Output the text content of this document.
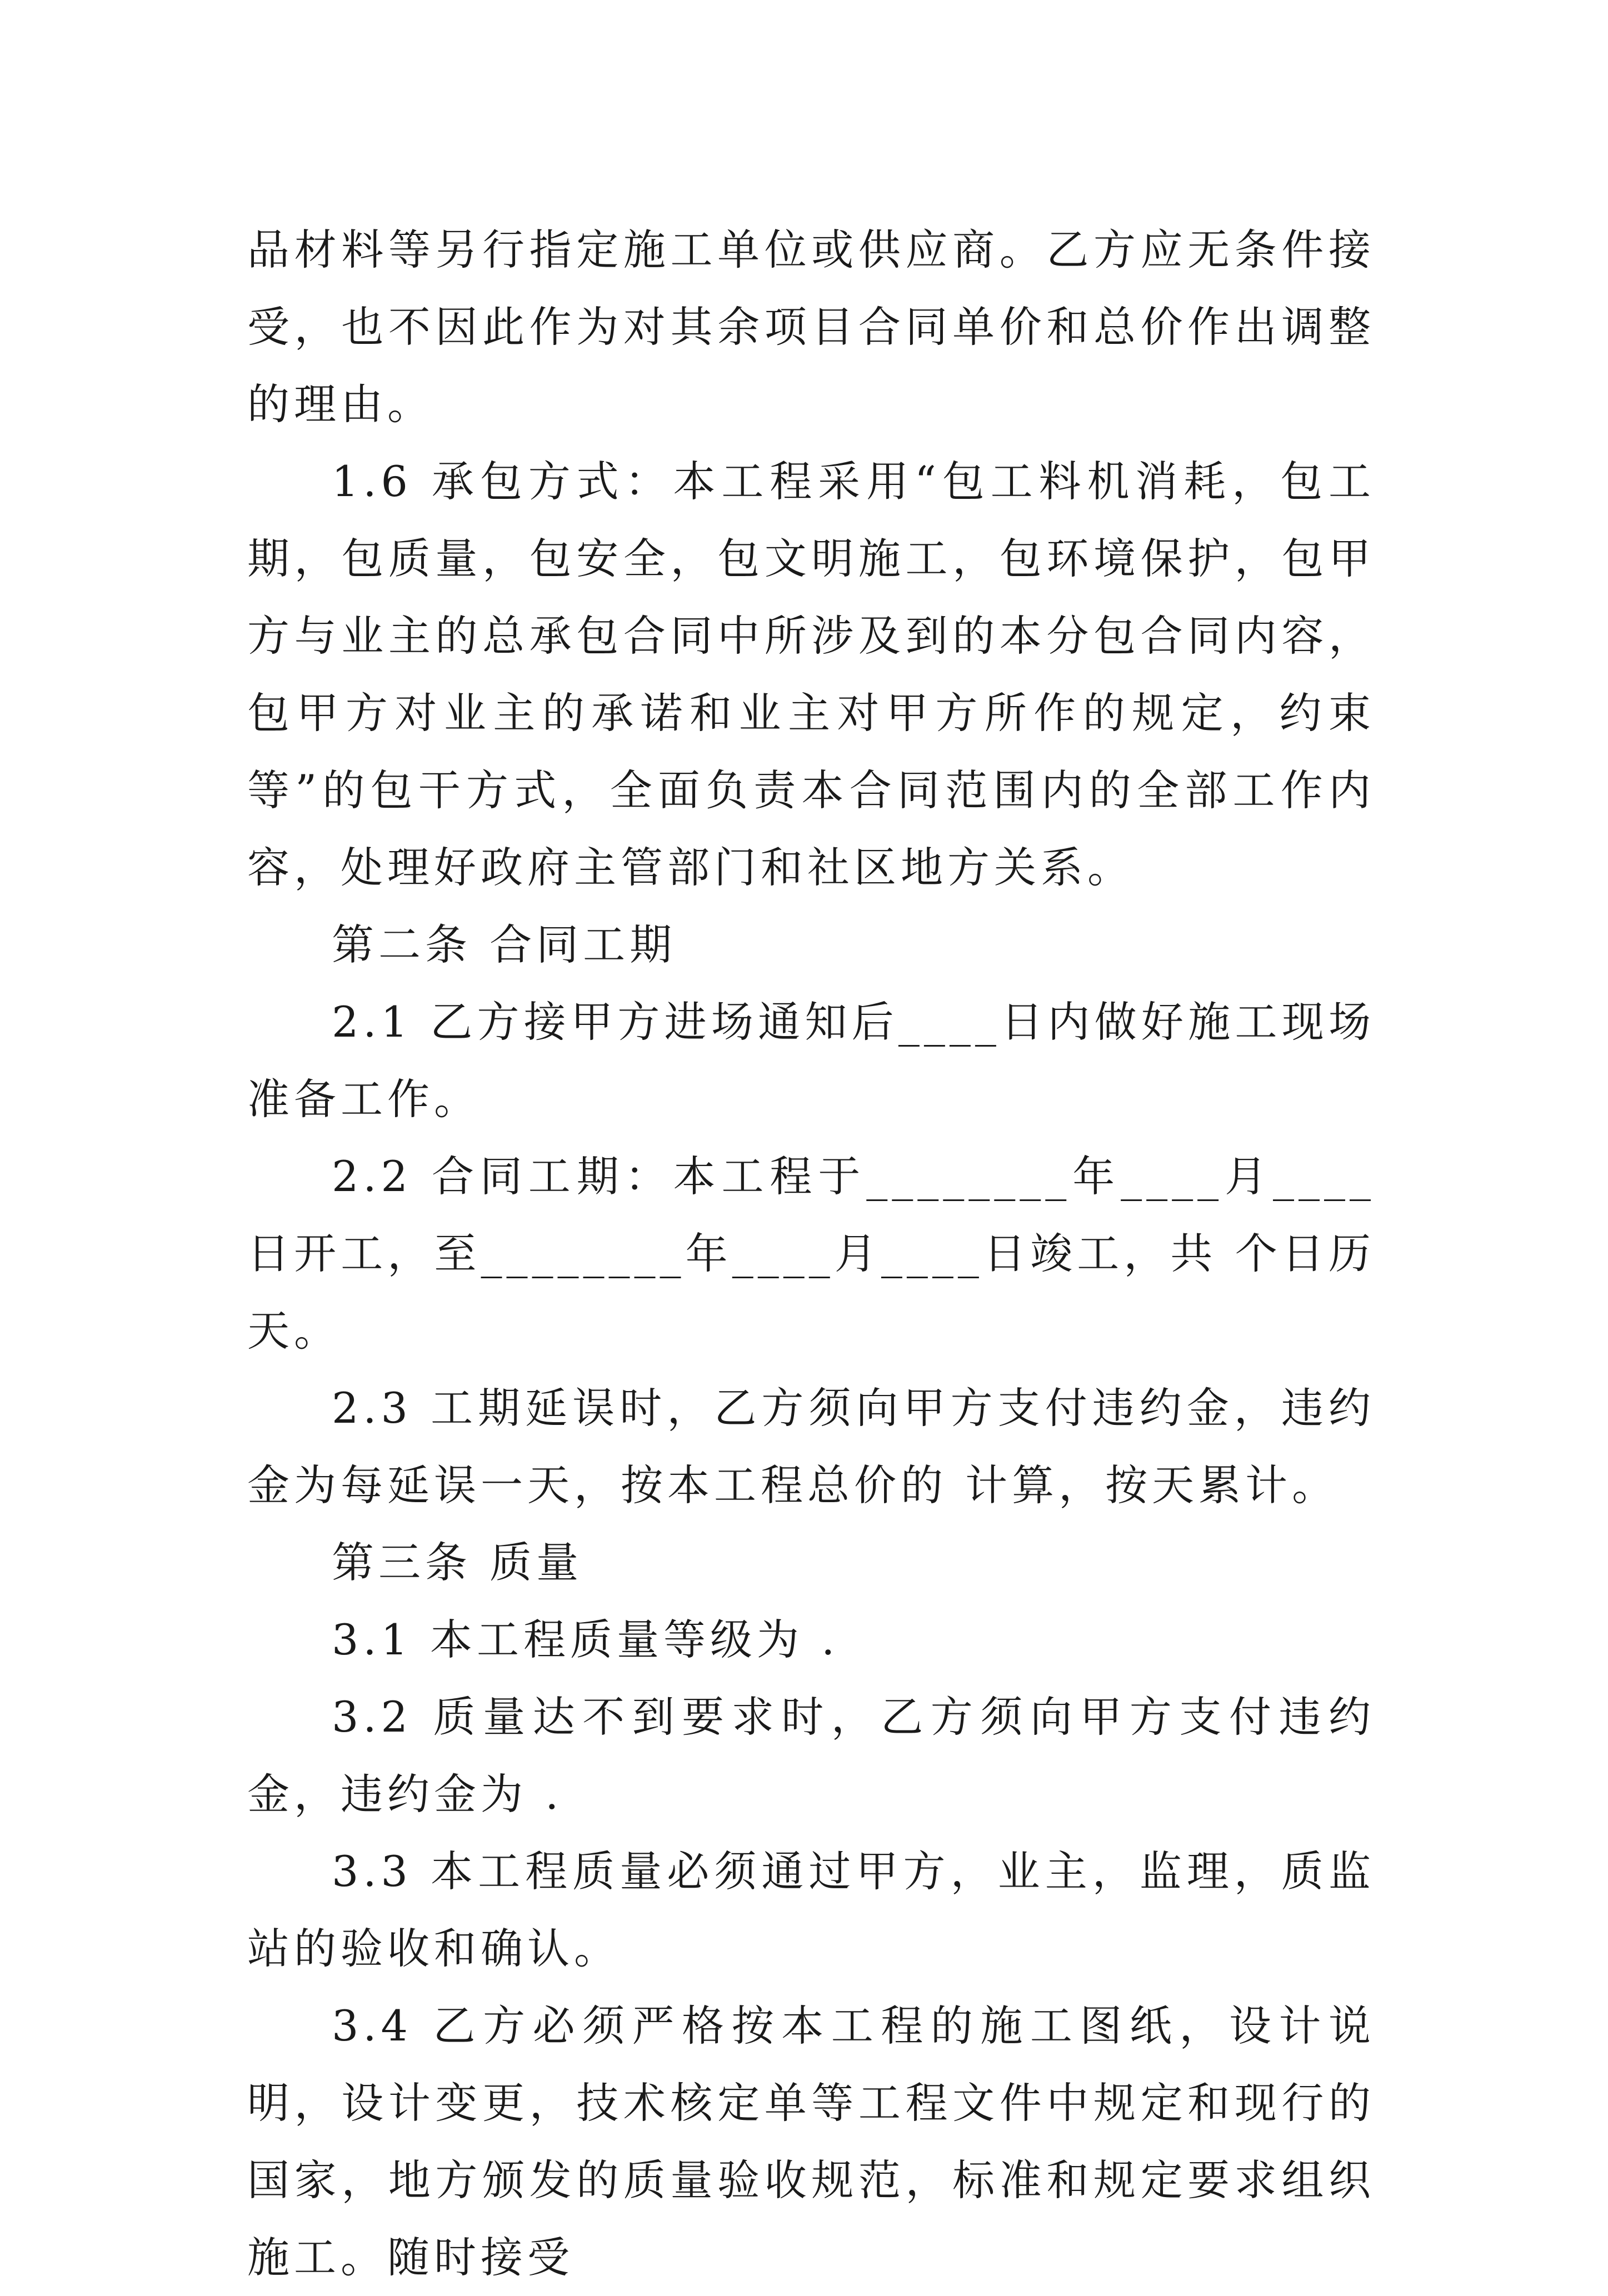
品材料等另行指定施工单位或供应商。乙方应无条件接受，也不因此作为对其余项目合同单价和总价作出调整的理由。

1.6 承包方式：本工程采用“包工料机消耗，包工期，包质量，包安全，包文明施工，包环境保护，包甲方与业主的总承包合同中所涉及到的本分包合同内容，包甲方对业主的承诺和业主对甲方所作的规定，约束等”的包干方式，全面负责本合同范围内的全部工作内容，处理好政府主管部门和社区地方关系。

第二条 合同工期

2.1 乙方接甲方进场通知后____日内做好施工现场准备工作。

2.2 合同工期：本工程于________年____月____日开工，至________年____月____日竣工，共 个日历天。

2.3 工期延误时，乙方须向甲方支付违约金，违约金为每延误一天，按本工程总价的 计算，按天累计。

第三条 质量

3.1 本工程质量等级为 .

3.2 质量达不到要求时，乙方须向甲方支付违约金，违约金为 .

3.3 本工程质量必须通过甲方，业主，监理，质监站的验收和确认。

3.4 乙方必须严格按本工程的施工图纸，设计说明，设计变更，技术核定单等工程文件中规定和现行的国家，地方颁发的质量验收规范，标准和规定要求组织施工。随时接受
